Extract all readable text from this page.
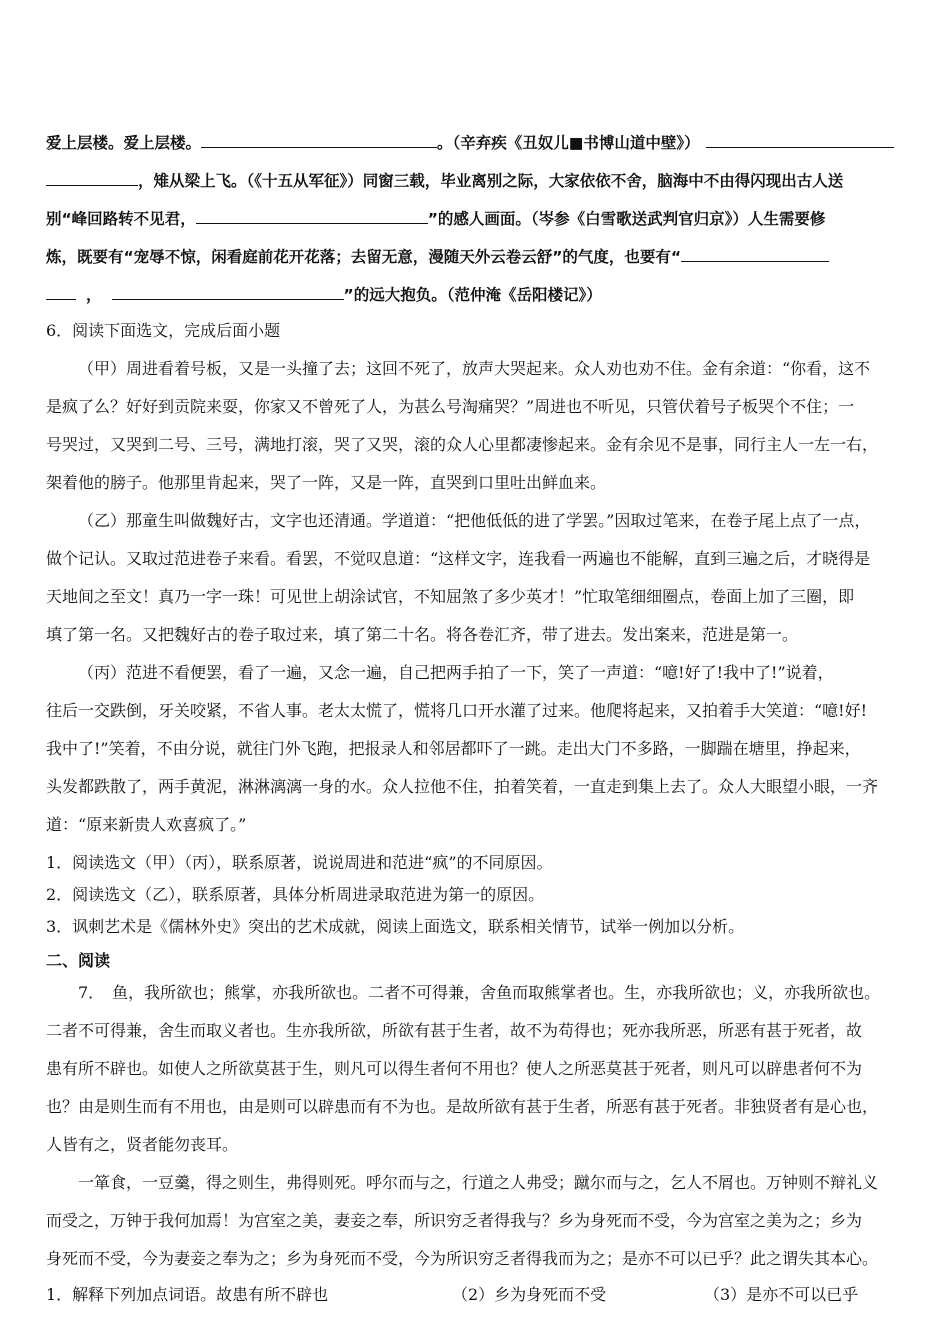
爱上层楼。爱上层楼。	。（辛弃疾《丑奴儿■书博山道中壁》）
，雉从梁上飞。（《十五从军征》）同窗三载，毕业离别之际，大家依依不舍，脑海中不由得闪现出古人送
别“峰回路转不见君，	”的感人画面。（岑参《白雪歌送武判官归京》）人生需要修
炼，既要有“宠辱不惊，闲看庭前花开花落；去留无意，漫随天外云卷云舒”的气度，也要有“
，	”的远大抱负。（范仲淹《岳阳楼记》）
6．阅读下面选文，完成后面小题
（甲）周进看着号板，又是一头撞了去；这回不死了，放声大哭起来。众人劝也劝不住。金有余道：“你看，这不
是疯了么？好好到贡院来耍，你家又不曾死了人，为甚么号淘痛哭？”周进也不听见，只管伏着号子板哭个不住；一
号哭过，又哭到二号、三号，满地打滚，哭了又哭，滚的众人心里都凄惨起来。金有余见不是事，同行主人一左一右，
架着他的膀子。他那里肯起来，哭了一阵，又是一阵，直哭到口里吐出鲜血来。
（乙）那童生叫做魏好古，文字也还清通。学道道：“把他低低的进了学罢。”因取过笔来，在卷子尾上点了一点，
做个记认。又取过范进卷子来看。看罢，不觉叹息道：“这样文字，连我看一两遍也不能解，直到三遍之后，才晓得是
天地间之至文！真乃一字一珠！可见世上胡涂试官，不知屈煞了多少英才！”忙取笔细细圈点，卷面上加了三圈，即
填了第一名。又把魏好古的卷子取过来，填了第二十名。将各卷汇齐，带了进去。发出案来，范进是第一。
（丙）范进不看便罢，看了一遍，又念一遍，自己把两手拍了一下，笑了一声道：“噫!好了!我中了!”说着，
往后一交跌倒，牙关咬紧，不省人事。老太太慌了，慌将几口开水灌了过来。他爬将起来，又拍着手大笑道：“噫!好!
我中了!”笑着，不由分说，就往门外飞跑，把报录人和邻居都吓了一跳。走出大门不多路，一脚踹在塘里，挣起来，
头发都跌散了，两手黄泥，淋淋漓漓一身的水。众人拉他不住，拍着笑着，一直走到集上去了。众人大眼望小眼，一齐
道：“原来新贵人欢喜疯了。”
1．阅读选文（甲）（丙），联系原著，说说周进和范进“疯”的不同原因。
2．阅读选文（乙），联系原著，具体分析周进录取范进为第一的原因。
3．讽刺艺术是《儒林外史》突出的艺术成就，阅读上面选文，联系相关情节，试举一例加以分析。
二、阅读
7．　鱼，我所欲也；熊掌，亦我所欲也。二者不可得兼，舍鱼而取熊掌者也。生，亦我所欲也；义，亦我所欲也。
二者不可得兼，舍生而取义者也。生亦我所欲，所欲有甚于生者，故不为苟得也；死亦我所恶，所恶有甚于死者，故
患有所不辟也。如使人之所欲莫甚于生，则凡可以得生者何不用也？使人之所恶莫甚于死者，则凡可以辟患者何不为
也？由是则生而有不用也，由是则可以辟患而有不为也。是故所欲有甚于生者，所恶有甚于死者。非独贤者有是心也，
人皆有之，贤者能勿丧耳。
一箪食，一豆羹，得之则生，弗得则死。呼尔而与之，行道之人弗受；蹴尔而与之，乞人不屑也。万钟则不辩礼义
而受之，万钟于我何加焉！为宫室之美，妻妾之奉，所识穷乏者得我与？乡为身死而不受，今为宫室之美为之；乡为
身死而不受，今为妻妾之奉为之；乡为身死而不受，今为所识穷乏者得我而为之；是亦不可以已乎？此之谓失其本心。
1．解释下列加点词语。故患有所不辟也	（2）乡为身死而不受	（3）是亦不可以已乎
